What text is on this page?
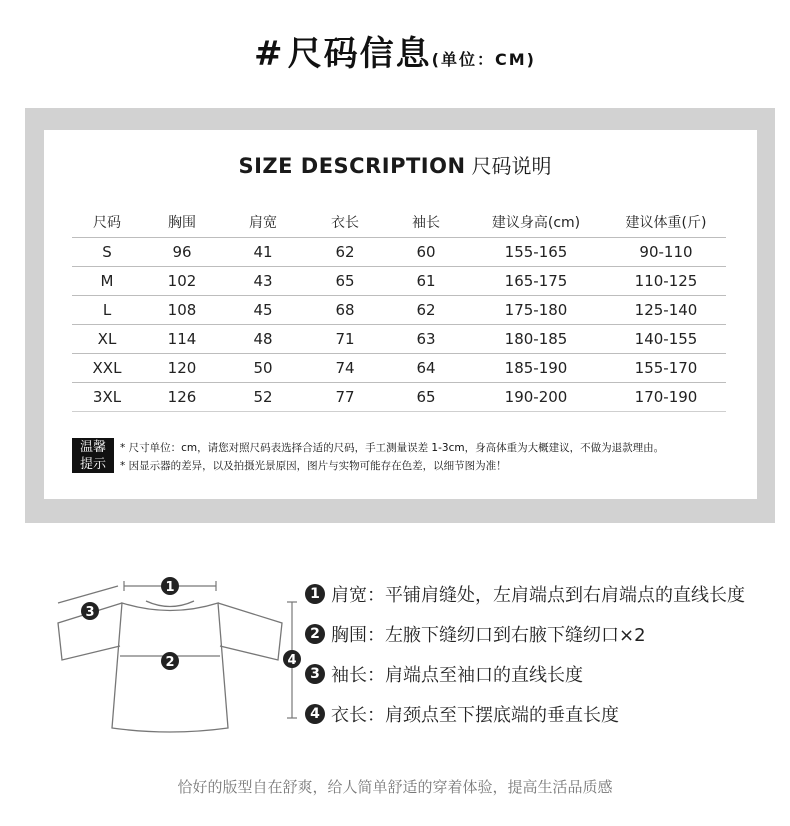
# 尺码信息(单位：CM)
SIZE DESCRIPTION 尺码说明
尺码	胸围	肩宽	衣长	袖长	建议身高(cm)	建议体重(斤)
S	96	41	62	60	155-165	90-110
M	102	43	65	61	165-175	110-125
L	108	45	68	62	175-180	125-140
XL	114	48	71	63	180-185	140-155
XXL	120	50	74	64	185-190	155-170
3XL	126	52	77	65	190-200	170-190
温馨
提示
* 尺寸单位：cm，请您对照尺码表选择合适的尺码，手工测量误差 1-3cm，身高体重为大概建议，不做为退款理由。
* 因显示器的差异，以及拍摄光景原因，图片与实物可能存在色差，以细节图为准！
1
2
3
4
1 肩宽：平铺肩缝处，左肩端点到右肩端点的直线长度
2 胸围：左腋下缝纫口到右腋下缝纫口×2
3 袖长：肩端点至袖口的直线长度
4 衣长：肩颈点至下摆底端的垂直长度
恰好的版型自在舒爽，给人简单舒适的穿着体验，提高生活品质感
